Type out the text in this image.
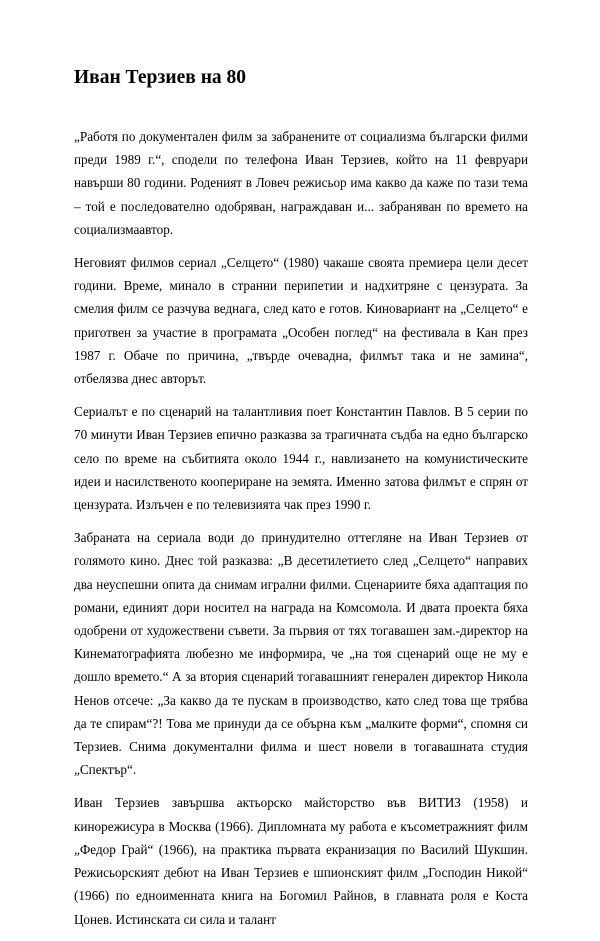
Иван Терзиев на 80

„Работя по документален филм за забранените от социализма български филми преди 1989 г.“, сподели по телефона Иван Терзиев, който на 11 февруари навърши 80 години. Роденият в Ловеч режисьор има какво да каже по тази тема – той е последователно одобряван, награждаван и... забраняван по времето на социализмаавтор.

Неговият филмов сериал „Селцето“ (1980) чакаше своята премиера цели десет години. Време, минало в странни перипетии и надхитряне с цензурата. За смелия филм се разчува веднага, след като е готов. Киновариант на „Селцето“ е приготвен за участие в програмата „Особен поглед“ на фестивала в Кан през 1987 г. Обаче по причина, „твърде очевадна, филмът така и не замина“, отбелязва днес авторът.

Сериалът е по сценарий на талантливия поет Константин Павлов. В 5 серии по 70 минути Иван Терзиев епично разказва за трагичната съдба на едно българско село по време на събитията около 1944 г., навлизането на комунистическите идеи и насилственото коопериране на земята. Именно затова филмът е спрян от цензурата. Излъчен е по телевизията чак през 1990 г.

Забраната на сериала води до принудително оттегляне на Иван Терзиев от голямото кино. Днес той разказва: „В десетилетието след „Селцето“ направих два неуспешни опита да снимам игрални филми. Сценариите бяха адаптация по романи, единият дори носител на награда на Комсомола. И двата проекта бяха одобрени от художествени съвети. За първия от тях тогавашен зам.-директор на Кинематографията любезно ме информира, че „на тоя сценарий още не му е дошло времето.“ А за втория сценарий тогавашният генерален директор Никола Ненов отсече: „За какво да те пускам в производство, като след това ще трябва да те спирам“?! Това ме принуди да се обърна към „малките форми“, спомня си Терзиев. Снима документални филма и шест новели в тогавашната студия „Спектър“.

Иван Терзиев завършва актьорско майсторство във ВИТИЗ (1958) и кинорежисура в Москва (1966). Дипломната му работа е късометражният филм „Федор Грай“ (1966), на практика първата екранизация по Василий Шукшин. Режисьорският дебют на Иван Терзиев е шпионският филм „Господин Никой“ (1966) по едноименната книга на Богомил Райнов, в главната роля е Коста Цонев. Истинската си сила и талант
